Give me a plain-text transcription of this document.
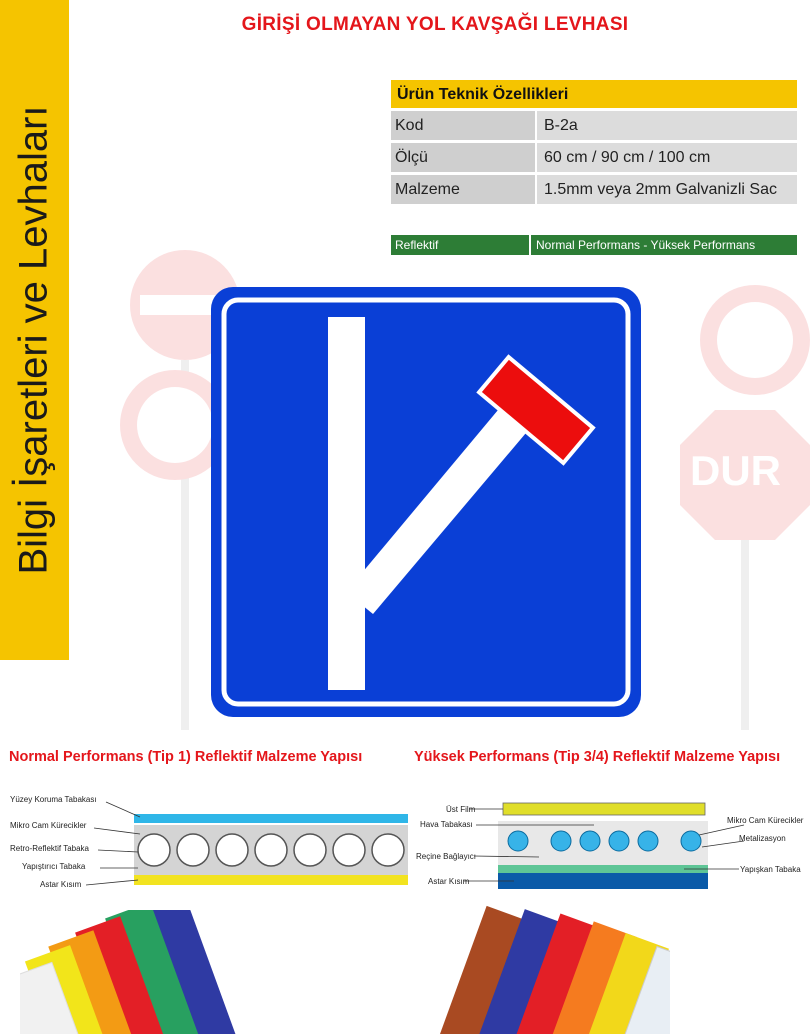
Bilgi İşaretleri ve Levhaları
GİRİŞİ OLMAYAN YOL KAVŞAĞI LEVHASI
DUR
Ürün Teknik Özellikleri
Kod	B-2a
Ölçü	60 cm / 90 cm / 100 cm
Malzeme	1.5mm veya 2mm Galvanizli Sac
Reflektif	Normal Performans - Yüksek Performans
Normal Performans (Tip 1) Reflektif Malzeme Yapısı	Yüksek Performans (Tip 3/4) Reflektif Malzeme Yapısı
Yüzey Koruma Tabakası
Mikro Cam Kürecikler
Retro-Reflektif Tabaka
Yapıştırıcı Tabaka
Astar Kısım
Üst Film
Hava Tabakası
Reçine Bağlayıcı
Astar Kısım
Mikro Cam Kürecikler
Metalizasyon
Yapışkan Tabaka
